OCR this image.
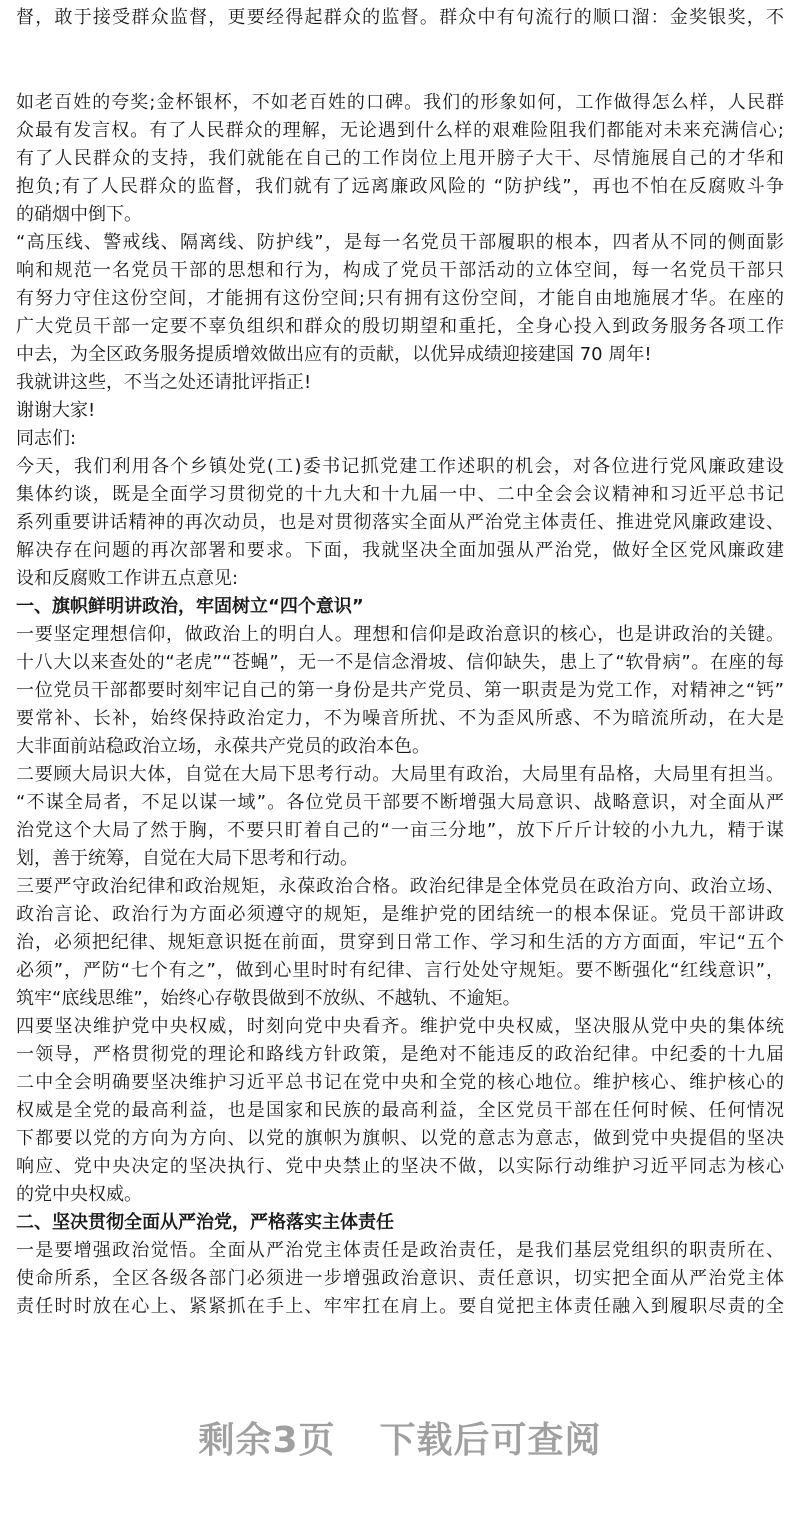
督，敢于接受群众监督，更要经得起群众的监督。群众中有句流行的顺口溜：金奖银奖，不
如老百姓的夸奖;金杯银杯，不如老百姓的口碑。我们的形象如何，工作做得怎么样，人民群
众最有发言权。有了人民群众的理解，无论遇到什么样的艰难险阻我们都能对未来充满信心;
有了人民群众的支持，我们就能在自己的工作岗位上甩开膀子大干、尽情施展自己的才华和
抱负;有了人民群众的监督，我们就有了远离廉政风险的 “防护线”，再也不怕在反腐败斗争
的硝烟中倒下。
“高压线、警戒线、隔离线、防护线”，是每一名党员干部履职的根本，四者从不同的侧面影
响和规范一名党员干部的思想和行为，构成了党员干部活动的立体空间，每一名党员干部只
有努力守住这份空间，才能拥有这份空间;只有拥有这份空间，才能自由地施展才华。在座的
广大党员干部一定要不辜负组织和群众的殷切期望和重托，全身心投入到政务服务各项工作
中去，为全区政务服务提质增效做出应有的贡献，以优异成绩迎接建国 70 周年!
我就讲这些，不当之处还请批评指正!
谢谢大家!
同志们:
今天，我们利用各个乡镇处党(工)委书记抓党建工作述职的机会，对各位进行党风廉政建设
集体约谈，既是全面学习贯彻党的十九大和十九届一中、二中全会会议精神和习近平总书记
系列重要讲话精神的再次动员，也是对贯彻落实全面从严治党主体责任、推进党风廉政建设、
解决存在问题的再次部署和要求。下面，我就坚决全面加强从严治党，做好全区党风廉政建
设和反腐败工作讲五点意见:
一、旗帜鲜明讲政治，牢固树立“四个意识”
一要坚定理想信仰，做政治上的明白人。理想和信仰是政治意识的核心，也是讲政治的关键。
十八大以来查处的“老虎”“苍蝇”，无一不是信念滑坡、信仰缺失，患上了“软骨病”。在座的每
一位党员干部都要时刻牢记自己的第一身份是共产党员、第一职责是为党工作，对精神之“钙”
要常补、长补，始终保持政治定力，不为噪音所扰、不为歪风所惑、不为暗流所动，在大是
大非面前站稳政治立场，永葆共产党员的政治本色。
二要顾大局识大体，自觉在大局下思考行动。大局里有政治，大局里有品格，大局里有担当。
“不谋全局者，不足以谋一域”。各位党员干部要不断增强大局意识、战略意识，对全面从严
治党这个大局了然于胸，不要只盯着自己的“一亩三分地”，放下斤斤计较的小九九，精于谋
划，善于统筹，自觉在大局下思考和行动。
三要严守政治纪律和政治规矩，永葆政治合格。政治纪律是全体党员在政治方向、政治立场、
政治言论、政治行为方面必须遵守的规矩，是维护党的团结统一的根本保证。党员干部讲政
治，必须把纪律、规矩意识挺在前面，贯穿到日常工作、学习和生活的方方面面，牢记“五个
必须”，严防“七个有之”，做到心里时时有纪律、言行处处守规矩。要不断强化“红线意识”，
筑牢“底线思维”，始终心存敬畏做到不放纵、不越轨、不逾矩。
四要坚决维护党中央权威，时刻向党中央看齐。维护党中央权威，坚决服从党中央的集体统
一领导，严格贯彻党的理论和路线方针政策，是绝对不能违反的政治纪律。中纪委的十九届
二中全会明确要坚决维护习近平总书记在党中央和全党的核心地位。维护核心、维护核心的
权威是全党的最高利益，也是国家和民族的最高利益，全区党员干部在任何时候、任何情况
下都要以党的方向为方向、以党的旗帜为旗帜、以党的意志为意志，做到党中央提倡的坚决
响应、党中央决定的坚决执行、党中央禁止的坚决不做，以实际行动维护习近平同志为核心
的党中央权威。
二、坚决贯彻全面从严治党，严格落实主体责任
一是要增强政治觉悟。全面从严治党主体责任是政治责任，是我们基层党组织的职责所在、
使命所系，全区各级各部门必须进一步增强政治意识、责任意识，切实把全面从严治党主体
责任时时放在心上、紧紧抓在手上、牢牢扛在肩上。要自觉把主体责任融入到履职尽责的全
剩余3页 下载后可查阅
